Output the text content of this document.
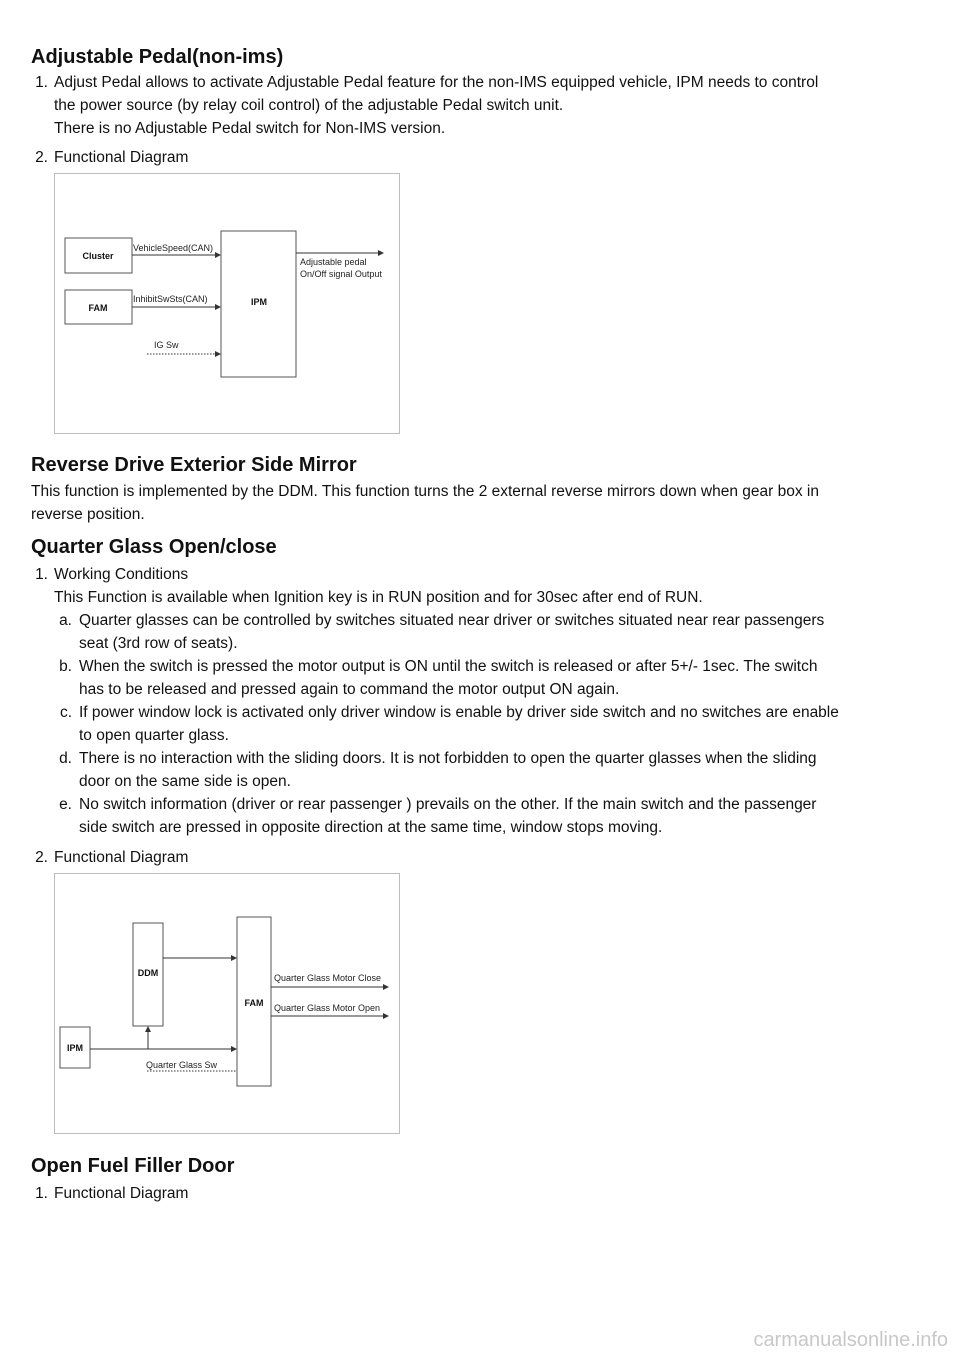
Adjustable Pedal(non-ims)

1. Adjust Pedal allows to activate Adjustable Pedal feature for the non-IMS equipped vehicle, IPM needs to control

the power source (by relay coil control) of the adjustable Pedal switch unit.

There is no Adjustable Pedal switch for Non-IMS version.

2. Functional Diagram

Cluster
FAM
IPM
VehicleSpeed(CAN)
InhibitSwSts(CAN)
IG Sw
Adjustable pedal
On/Off signal Output
Reverse Drive Exterior Side Mirror

This function is implemented by the DDM. This function turns the 2 external reverse mirrors down when gear box in

reverse position.

Quarter Glass Open/close

1. Working Conditions

This Function is available when Ignition key is in RUN position and for 30sec after end of RUN.

a. Quarter glasses can be controlled by switches situated near driver or switches situated near rear passengers

seat (3rd row of seats).

b. When the switch is pressed the motor output is ON until the switch is released or after 5+/- 1sec. The switch

has to be released and pressed again to command the motor output ON again.

c. If power window lock is activated only driver window is enable by driver side switch and no switches are enable

to open quarter glass.

d. There is no interaction with the sliding doors. It is not forbidden to open the quarter glasses when the sliding

door on the same side is open.

e. No switch information (driver or rear passenger ) prevails on the other. If the main switch and the passenger

side switch are pressed in opposite direction at the same time, window stops moving.

2. Functional Diagram

DDM
FAM
IPM
Quarter Glass Motor Close
Quarter Glass Motor Open
Quarter Glass Sw
Open Fuel Filler Door

1. Functional Diagram

carmanualsonline.info
